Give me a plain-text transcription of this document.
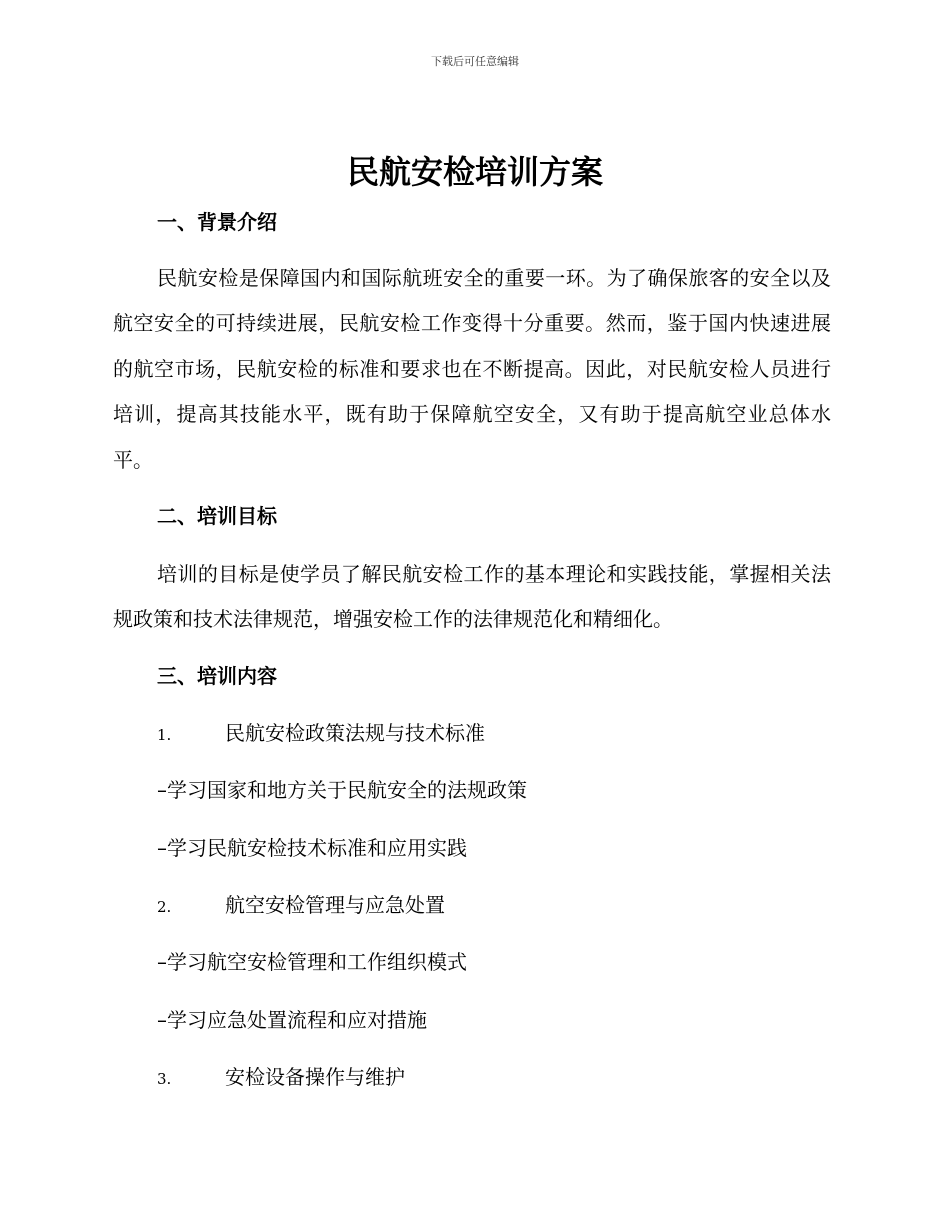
下载后可任意编辑
民航安检培训方案
一、背景介绍

民航安检是保障国内和国际航班安全的重要一环。为了确保旅客的安全以及航空安全的可持续进展，民航安检工作变得十分重要。然而，鉴于国内快速进展的航空市场，民航安检的标准和要求也在不断提高。因此，对民航安检人员进行培训，提高其技能水平，既有助于保障航空安全，又有助于提高航空业总体水平。

二、培训目标

培训的目标是使学员了解民航安检工作的基本理论和实践技能，掌握相关法规政策和技术法律规范，增强安检工作的法律规范化和精细化。

三、培训内容
1.	民航安检政策法规与技术标准
–学习国家和地方关于民航安全的法规政策
–学习民航安检技术标准和应用实践
2.	航空安检管理与应急处置
–学习航空安检管理和工作组织模式
–学习应急处置流程和应对措施
3.	安检设备操作与维护
